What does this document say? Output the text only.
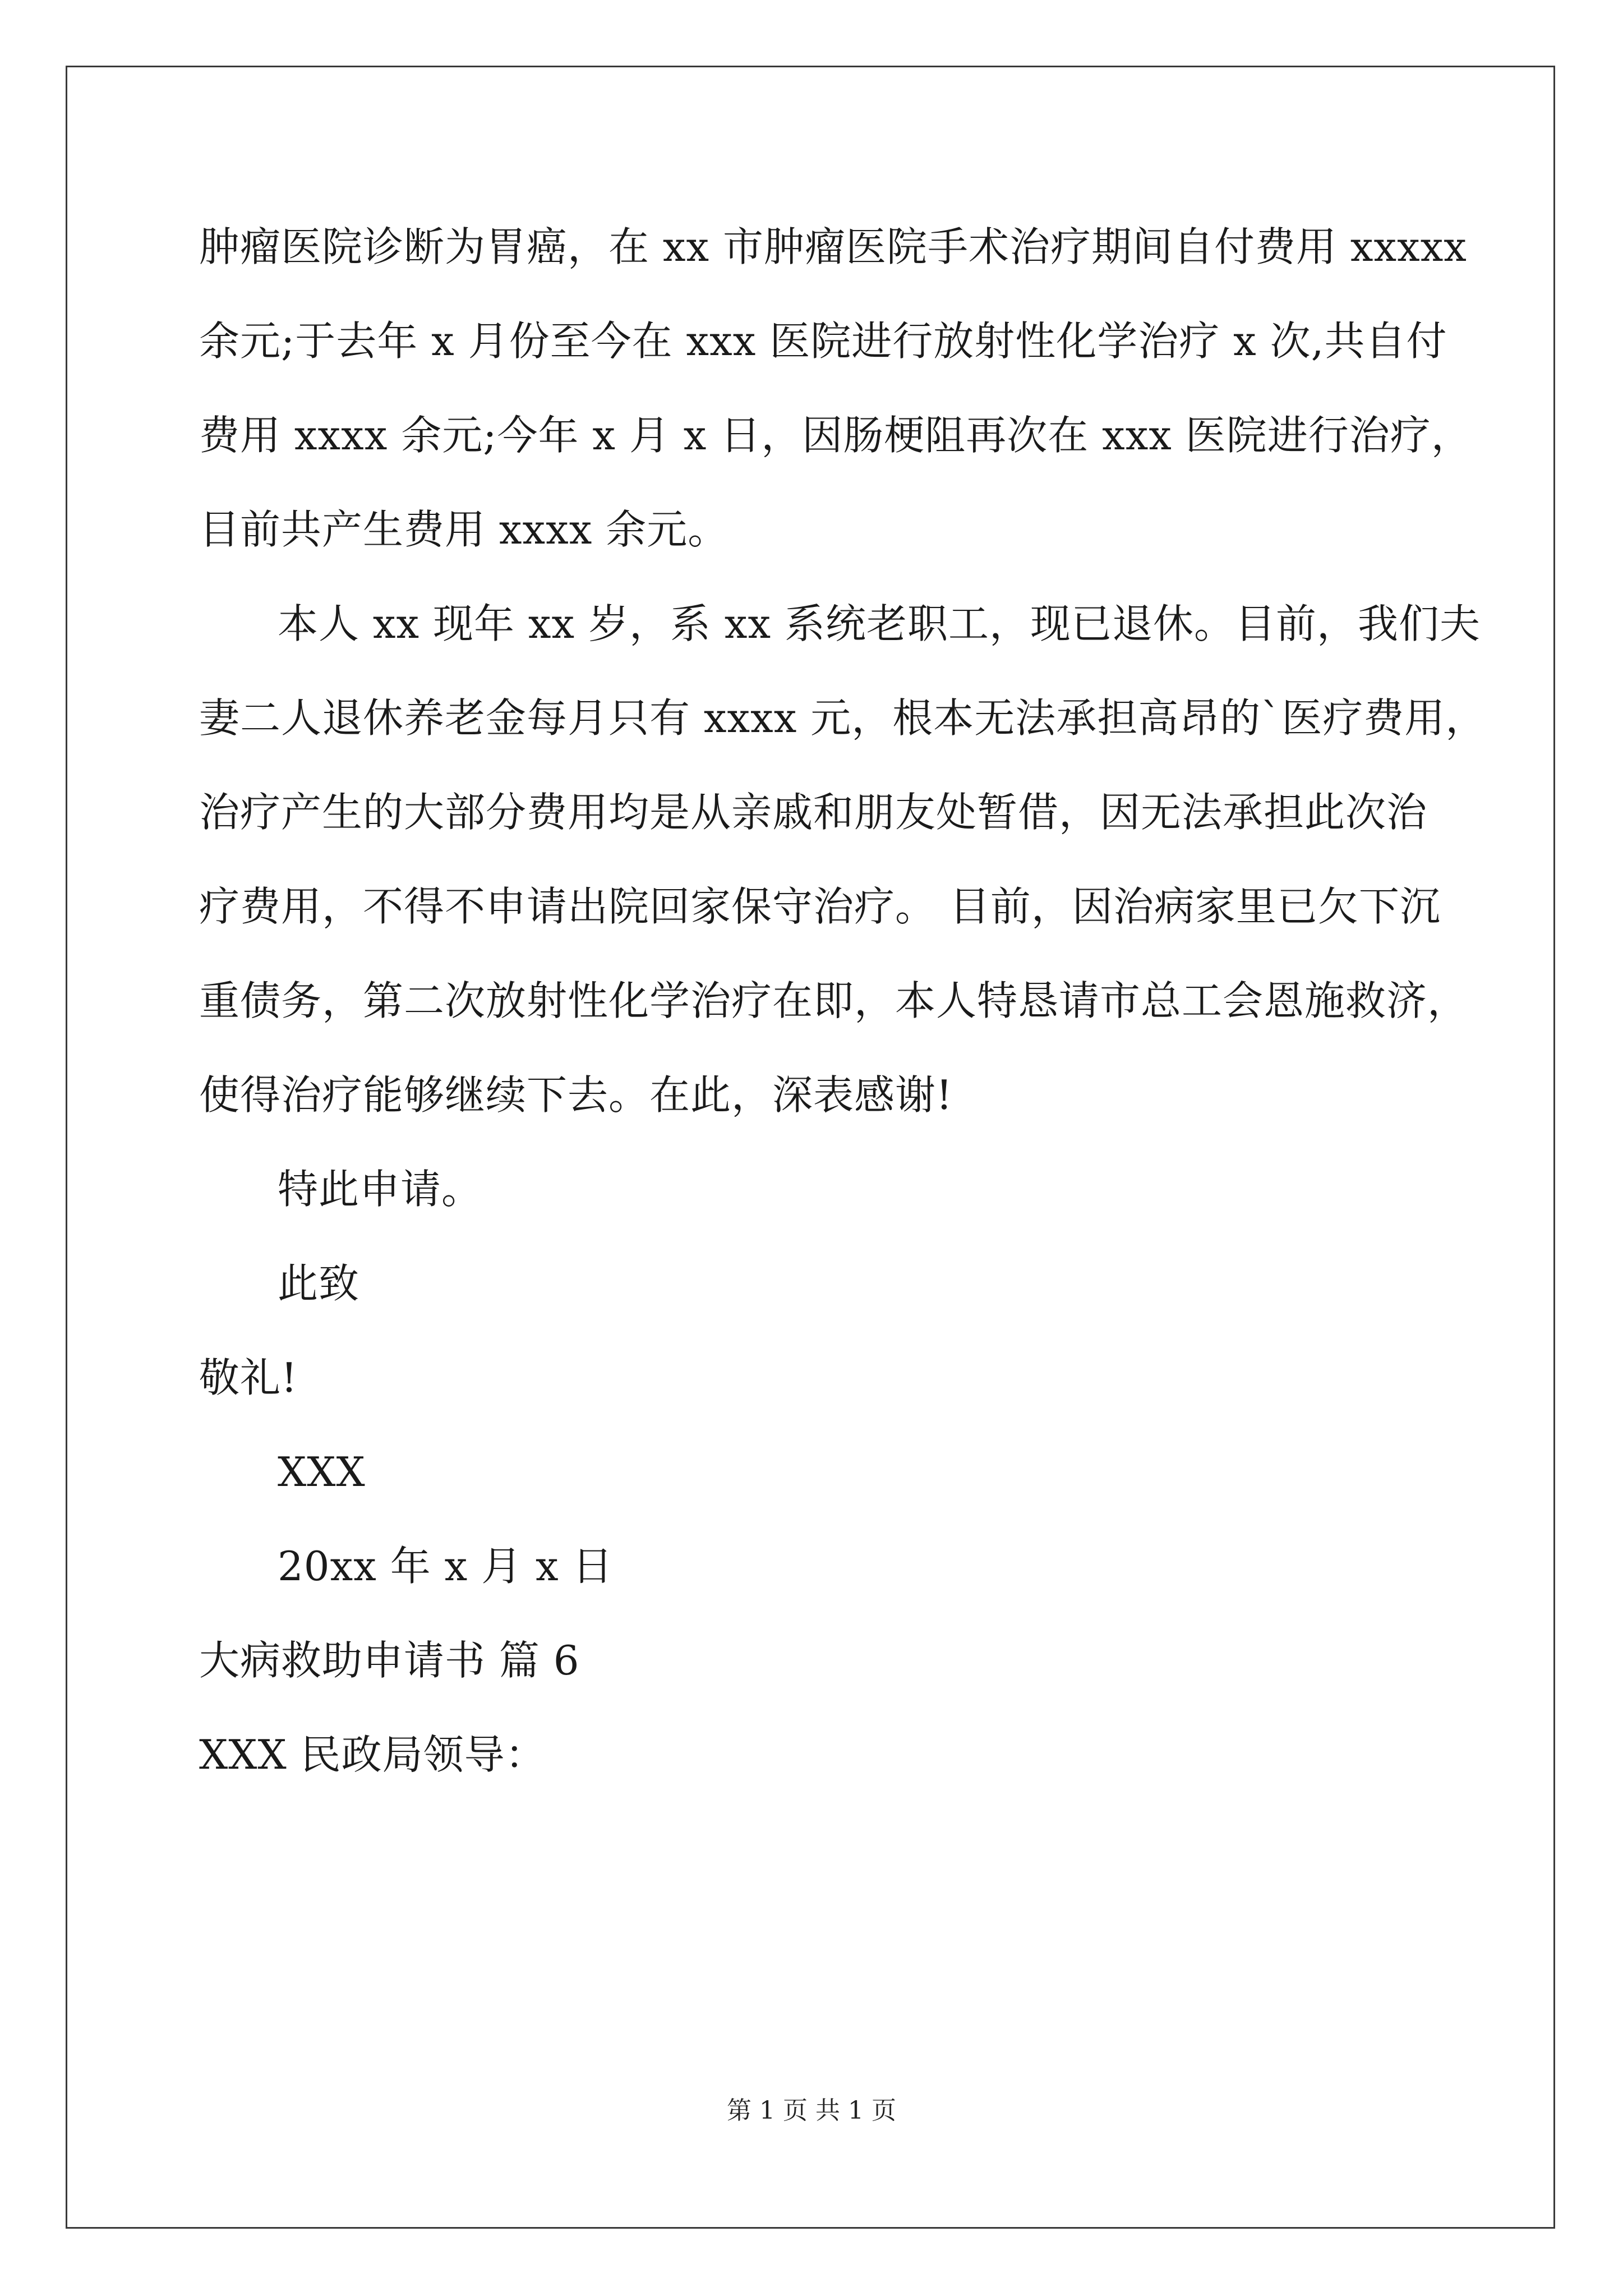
肿瘤医院诊断为胃癌，在 xx 市肿瘤医院手术治疗期间自付费用 xxxxx
余元;于去年 x 月份至今在 xxx 医院进行放射性化学治疗 x 次,共自付
费用 xxxx 余元;今年 x 月 x 日，因肠梗阻再次在 xxx 医院进行治疗，
目前共产生费用 xxxx 余元。
本人 xx 现年 xx 岁，系 xx 系统老职工，现已退休。目前，我们夫
妻二人退休养老金每月只有 xxxx 元，根本无法承担高昂的`医疗费用，
治疗产生的大部分费用均是从亲戚和朋友处暂借，因无法承担此次治
疗费用，不得不申请出院回家保守治疗。 目前，因治病家里已欠下沉
重债务，第二次放射性化学治疗在即，本人特恳请市总工会恩施救济，
使得治疗能够继续下去。在此，深表感谢!
特此申请。
此致
敬礼!
XXX
20xx 年 x 月 x 日
大病救助申请书 篇 6
XXX 民政局领导：
第 1 页 共 1 页
